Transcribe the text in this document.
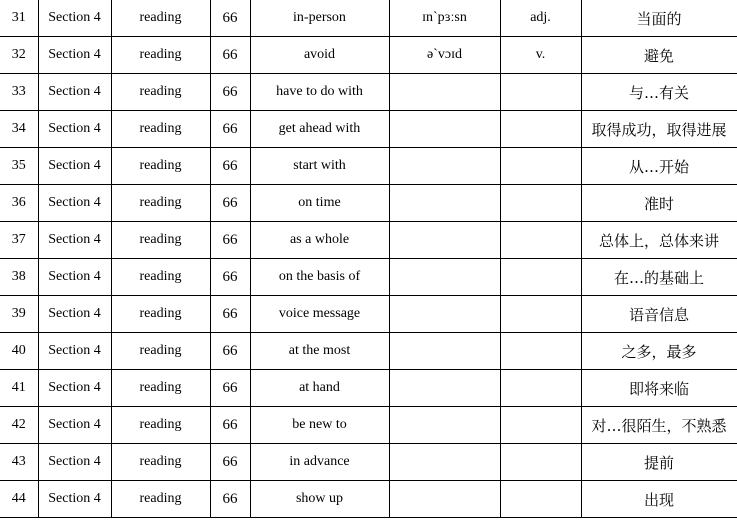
31	Section 4	reading	66	in-person	ɪn`pɜːsn	adj.	当面的
32	Section 4	reading	66	avoid	ə`vɔɪd	v.	避免
33	Section 4	reading	66	have to do with			与…有关
34	Section 4	reading	66	get ahead with			取得成功，取得进展
35	Section 4	reading	66	start with			从…开始
36	Section 4	reading	66	on time			准时
37	Section 4	reading	66	as a whole			总体上，总体来讲
38	Section 4	reading	66	on the basis of			在…的基础上
39	Section 4	reading	66	voice message			语音信息
40	Section 4	reading	66	at the most			之多，最多
41	Section 4	reading	66	at hand			即将来临
42	Section 4	reading	66	be new to			对…很陌生，不熟悉
43	Section 4	reading	66	in advance			提前
44	Section 4	reading	66	show up			出现
